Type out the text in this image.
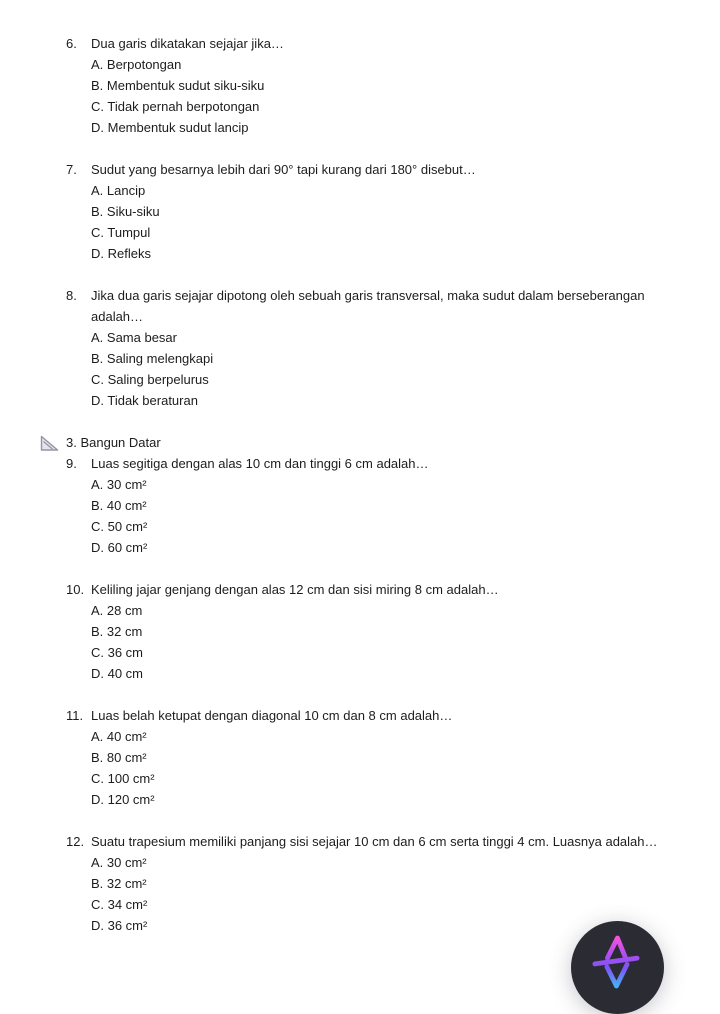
6.	Dua garis dikatakan sejajar jika…
A. Berpotongan
B. Membentuk sudut siku-siku
C. Tidak pernah berpotongan
D. Membentuk sudut lancip
7.	Sudut yang besarnya lebih dari 90° tapi kurang dari 180° disebut…
A. Lancip
B. Siku-siku
C. Tumpul
D. Refleks
8.	Jika dua garis sejajar dipotong oleh sebuah garis transversal, maka sudut dalam berseberangan adalah…
A. Sama besar
B. Saling melengkapi
C. Saling berpelurus
D. Tidak beraturan
3. Bangun Datar
9.	Luas segitiga dengan alas 10 cm dan tinggi 6 cm adalah…
A. 30 cm²
B. 40 cm²
C. 50 cm²
D. 60 cm²
10. Keliling jajar genjang dengan alas 12 cm dan sisi miring 8 cm adalah…
A. 28 cm
B. 32 cm
C. 36 cm
D. 40 cm
11. Luas belah ketupat dengan diagonal 10 cm dan 8 cm adalah…
A. 40 cm²
B. 80 cm²
C. 100 cm²
D. 120 cm²
12. Suatu trapesium memiliki panjang sisi sejajar 10 cm dan 6 cm serta tinggi 4 cm. Luasnya adalah…
A. 30 cm²
B. 32 cm²
C. 34 cm²
D. 36 cm²
